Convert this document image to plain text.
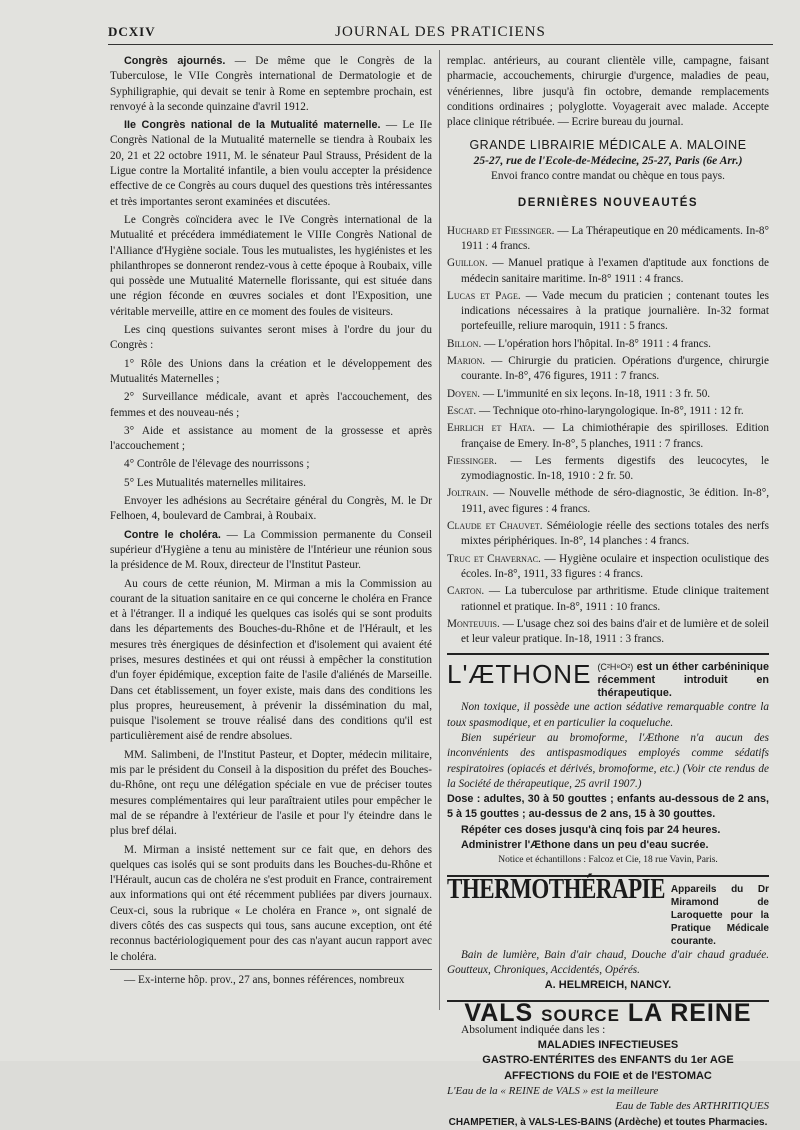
DCXIV	JOURNAL DES PRATICIENS

Congrès ajournés. — De même que le Congrès de la Tuberculose, le VIIe Congrès international de Dermatologie et de Syphiligraphie, qui devait se tenir à Rome en septembre prochain, est renvoyé à la seconde quinzaine d'avril 1912.

IIe Congrès national de la Mutualité maternelle. — Le IIe Congrès National de la Mutualité maternelle se tiendra à Roubaix les 20, 21 et 22 octobre 1911, M. le sénateur Paul Strauss, Président de la Ligue contre la Mortalité infantile, a bien voulu accepter la présidence effective de ce Congrès au cours duquel des questions très intéressantes et très importantes seront examinées et discutées.

Le Congrès coïncidera avec le IVe Congrès international de la Mutualité et précédera immédiatement le VIIIe Congrès National de l'Alliance d'Hygiène sociale. Tous les mutualistes, les hygiénistes et les philanthropes se donneront rendez-vous à cette époque à Roubaix, ville qui possède une Mutualité Maternelle florissante, qui est située dans une région féconde en œuvres sociales et dont l'Exposition, une véritable merveille, attire en ce moment des foules de visiteurs.

Les cinq questions suivantes seront mises à l'ordre du jour du Congrès :

1° Rôle des Unions dans la création et le développement des Mutualités Maternelles ;

2° Surveillance médicale, avant et après l'accouchement, des femmes et des nouveau-nés ;

3° Aide et assistance au moment de la grossesse et après l'accouchement ;

4° Contrôle de l'élevage des nourrissons ;

5° Les Mutualités maternelles militaires.

Envoyer les adhésions au Secrétaire général du Congrès, M. le Dr Felhoen, 4, boulevard de Cambrai, à Roubaix.

Contre le choléra. — La Commission permanente du Conseil supérieur d'Hygiène a tenu au ministère de l'Intérieur une réunion sous la présidence de M. Roux, directeur de l'Institut Pasteur.

Au cours de cette réunion, M. Mirman a mis la Commission au courant de la situation sanitaire en ce qui concerne le choléra en France et à l'étranger. Il a indiqué les quelques cas isolés qui se sont produits dans les départements des Bouches-du-Rhône et de l'Hérault, et les mesures très énergiques de désinfection et d'isolement qui avaient été prises, mesures destinées et qui ont réussi à empêcher la constitution d'un foyer épidémique, exception faite de l'asile d'aliénés de Marseille. Dans cet établissement, un foyer existe, mais dans des conditions les plus propres, heureusement, à prévenir la dissémination du mal, puisque l'isolement se trouve réalisé dans des conditions qu'il est particulièrement aisé de rendre absolues.

MM. Salimbeni, de l'Institut Pasteur, et Dopter, médecin militaire, mis par le président du Conseil à la disposition du préfet des Bouches-du-Rhône, ont reçu une délégation spéciale en vue de préciser toutes mesures complémentaires qui leur paraîtraient utiles pour empêcher le mal de se répandre à l'extérieur de l'asile et pour l'y éteindre dans le plus bref délai.

M. Mirman a insisté nettement sur ce fait que, en dehors des quelques cas isolés qui se sont produits dans les Bouches-du-Rhône et l'Hérault, aucun cas de choléra ne s'est produit en France, contrairement aux informations qui ont été récemment publiées par divers journaux. Ceux-ci, sous la rubrique « Le choléra en France », ont signalé de divers côtés des cas suspects qui tous, sans aucune exception, ont été reconnus bactériologiquement pour des cas n'ayant aucun rapport avec le choléra.

— Ex-interne hôp. prov., 27 ans, bonnes références, nombreux

remplac. antérieurs, au courant clientèle ville, campagne, faisant pharmacie, accouchements, chirurgie d'urgence, maladies de peau, vénériennes, libre jusqu'à fin octobre, demande remplacements conditions ordinaires ; polyglotte. Voyagerait avec malade. Accepte place clinique rétribuée. — Ecrire bureau du journal.

GRANDE LIBRAIRIE MÉDICALE A. MALOINE
25-27, rue de l'Ecole-de-Médecine, 25-27, Paris (6e Arr.)
Envoi franco contre mandat ou chèque en tous pays.
DERNIÈRES NOUVEAUTÉS

Huchard et Fiessinger. — La Thérapeutique en 20 médicaments. In-8° 1911 : 4 francs.

Guillon. — Manuel pratique à l'examen d'aptitude aux fonctions de médecin sanitaire maritime. In-8° 1911 : 4 francs.

Lucas et Page. — Vade mecum du praticien ; contenant toutes les indications nécessaires à la pratique journalière. In-32 format portefeuille, reliure maroquin, 1911 : 5 francs.

Billon. — L'opération hors l'hôpital. In-8° 1911 : 4 francs.

Marion. — Chirurgie du praticien. Opérations d'urgence, chirurgie courante. In-8°, 476 figures, 1911 : 7 francs.

Doyen. — L'immunité en six leçons. In-18, 1911 : 3 fr. 50.

Escat. — Technique oto-rhino-laryngologique. In-8°, 1911 : 12 fr.

Ehrlich et Hata. — La chimiothérapie des spirilloses. Edition française de Emery. In-8°, 5 planches, 1911 : 7 francs.

Fiessinger. — Les ferments digestifs des leucocytes, le zymodiagnostic. In-18, 1910 : 2 fr. 50.

Joltrain. — Nouvelle méthode de séro-diagnostic, 3e édition. In-8°, 1911, avec figures : 4 francs.

Claude et Chauvet. Séméiologie réelle des sections totales des nerfs mixtes périphériques. In-8°, 14 planches : 4 francs.

Truc et Chavernac. — Hygiène oculaire et inspection oculistique des écoles. In-8°, 1911, 33 figures : 4 francs.

Carton. — La tuberculose par arthritisme. Etude clinique traitement rationnel et pratique. In-8°, 1911 : 10 francs.

Monteuuis. — L'usage chez soi des bains d'air et de lumière et de soleil et leur valeur pratique. In-18, 1911 : 3 francs.

L'ÆTHONE (C²H⁸O²) est un éther carbéninique récemment introduit en thérapeutique.
Non toxique, il possède une action sédative remarquable contre la toux spasmodique, et en particulier la coqueluche.
Bien supérieur au bromoforme, l'Æthone n'a aucun des inconvénients des antispasmodiques employés comme sédatifs respiratoires (opiacés et dérivés, bromoforme, etc.) (Voir cte rendus de la Société de thérapeutique, 25 avril 1907.)
Dose : adultes, 30 à 50 gouttes ; enfants au-dessous de 2 ans, 5 à 15 gouttes ; au-dessus de 2 ans, 15 à 30 gouttes.
Répéter ces doses jusqu'à cinq fois par 24 heures.
Administrer l'Æthone dans un peu d'eau sucrée.
Notice et échantillons : Falcoz et Cie, 18 rue Vavin, Paris.
THERMOTHÉRAPIE Appareils du Dr Miramond de Laroquette pour la Pratique Médicale courante.
Bain de lumière, Bain d'air chaud, Douche d'air chaud graduée. Goutteux, Chroniques, Accidentés, Opérés.
A. HELMREICH, NANCY.
VALS SOURCE LA REINE
Absolument indiquée dans les :
MALADIES INFECTIEUSES
GASTRO-ENTÉRITES des ENFANTS du 1er AGE
AFFECTIONS du FOIE et de l'ESTOMAC
L'Eau de la « REINE de VALS » est la meilleure
Eau de Table des ARTHRITIQUES
CHAMPETIER, à VALS-LES-BAINS (Ardèche) et toutes Pharmacies.
